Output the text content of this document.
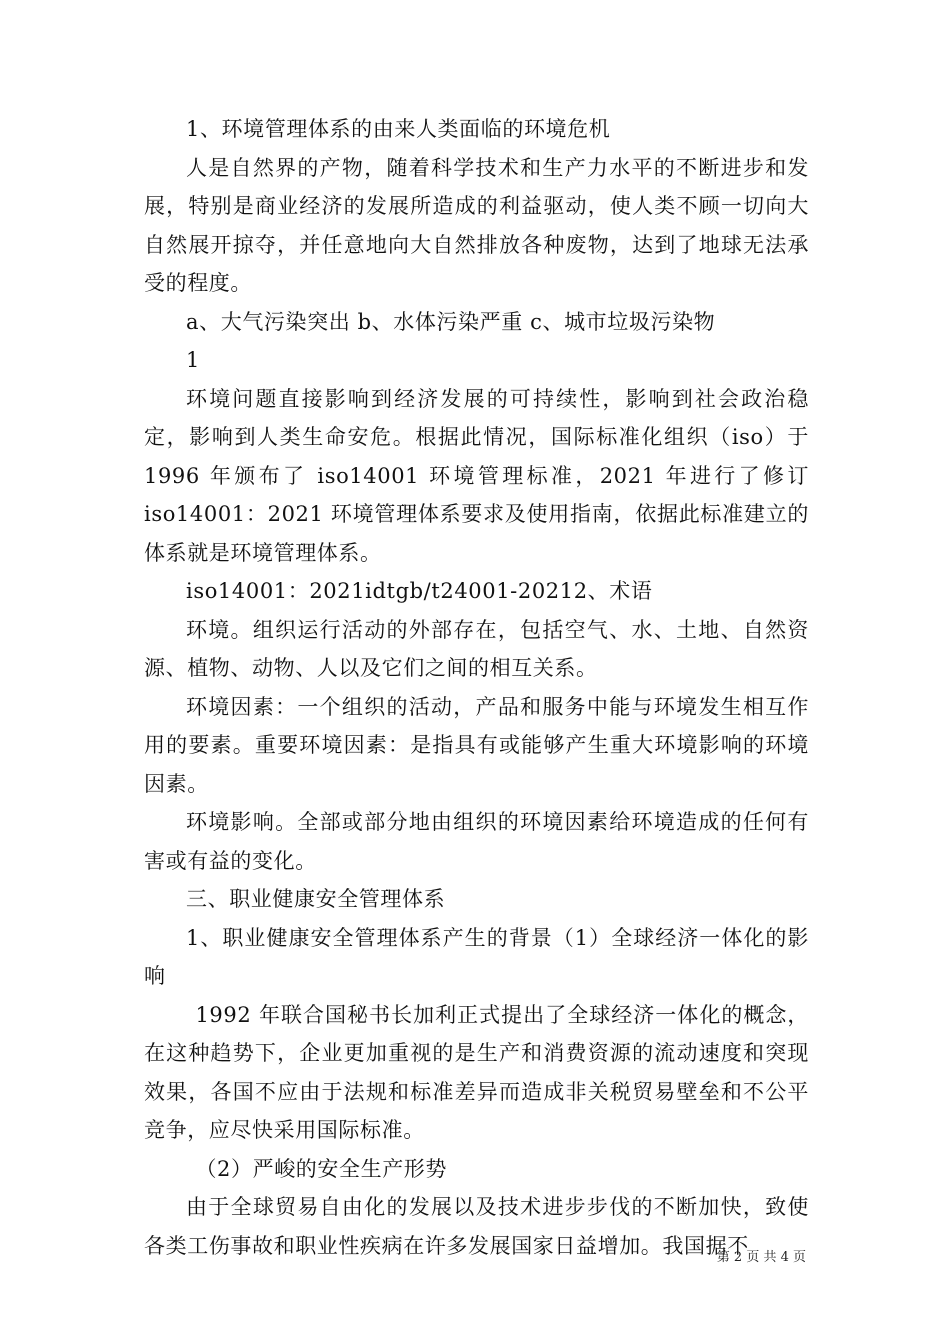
1、环境管理体系的由来人类面临的环境危机

人是自然界的产物，随着科学技术和生产力水平的不断进步和发展，特别是商业经济的发展所造成的利益驱动，使人类不顾一切向大自然展开掠夺，并任意地向大自然排放各种废物，达到了地球无法承受的程度。

a、大气污染突出 b、水体污染严重 c、城市垃圾污染物

1

环境问题直接影响到经济发展的可持续性，影响到社会政治稳定，影响到人类生命安危。根据此情况，国际标准化组织（iso）于1996 年颁布了 iso14001 环境管理标准，2021 年进行了修订iso14001：2021 环境管理体系要求及使用指南，依据此标准建立的体系就是环境管理体系。

iso14001：2021idtgb/t24001-20212、术语

环境。组织运行活动的外部存在，包括空气、水、土地、自然资源、植物、动物、人以及它们之间的相互关系。

环境因素：一个组织的活动，产品和服务中能与环境发生相互作用的要素。重要环境因素：是指具有或能够产生重大环境影响的环境因素。

环境影响。全部或部分地由组织的环境因素给环境造成的任何有害或有益的变化。

三、职业健康安全管理体系

1、职业健康安全管理体系产生的背景（1）全球经济一体化的影响

1992 年联合国秘书长加利正式提出了全球经济一体化的概念，在这种趋势下，企业更加重视的是生产和消费资源的流动速度和突现效果，各国不应由于法规和标准差异而造成非关税贸易壁垒和不公平竞争，应尽快采用国际标准。

（2）严峻的安全生产形势

由于全球贸易自由化的发展以及技术进步步伐的不断加快，致使各类工伤事故和职业性疾病在许多发展国家日益增加。我国据不

第 2 页 共 4 页
